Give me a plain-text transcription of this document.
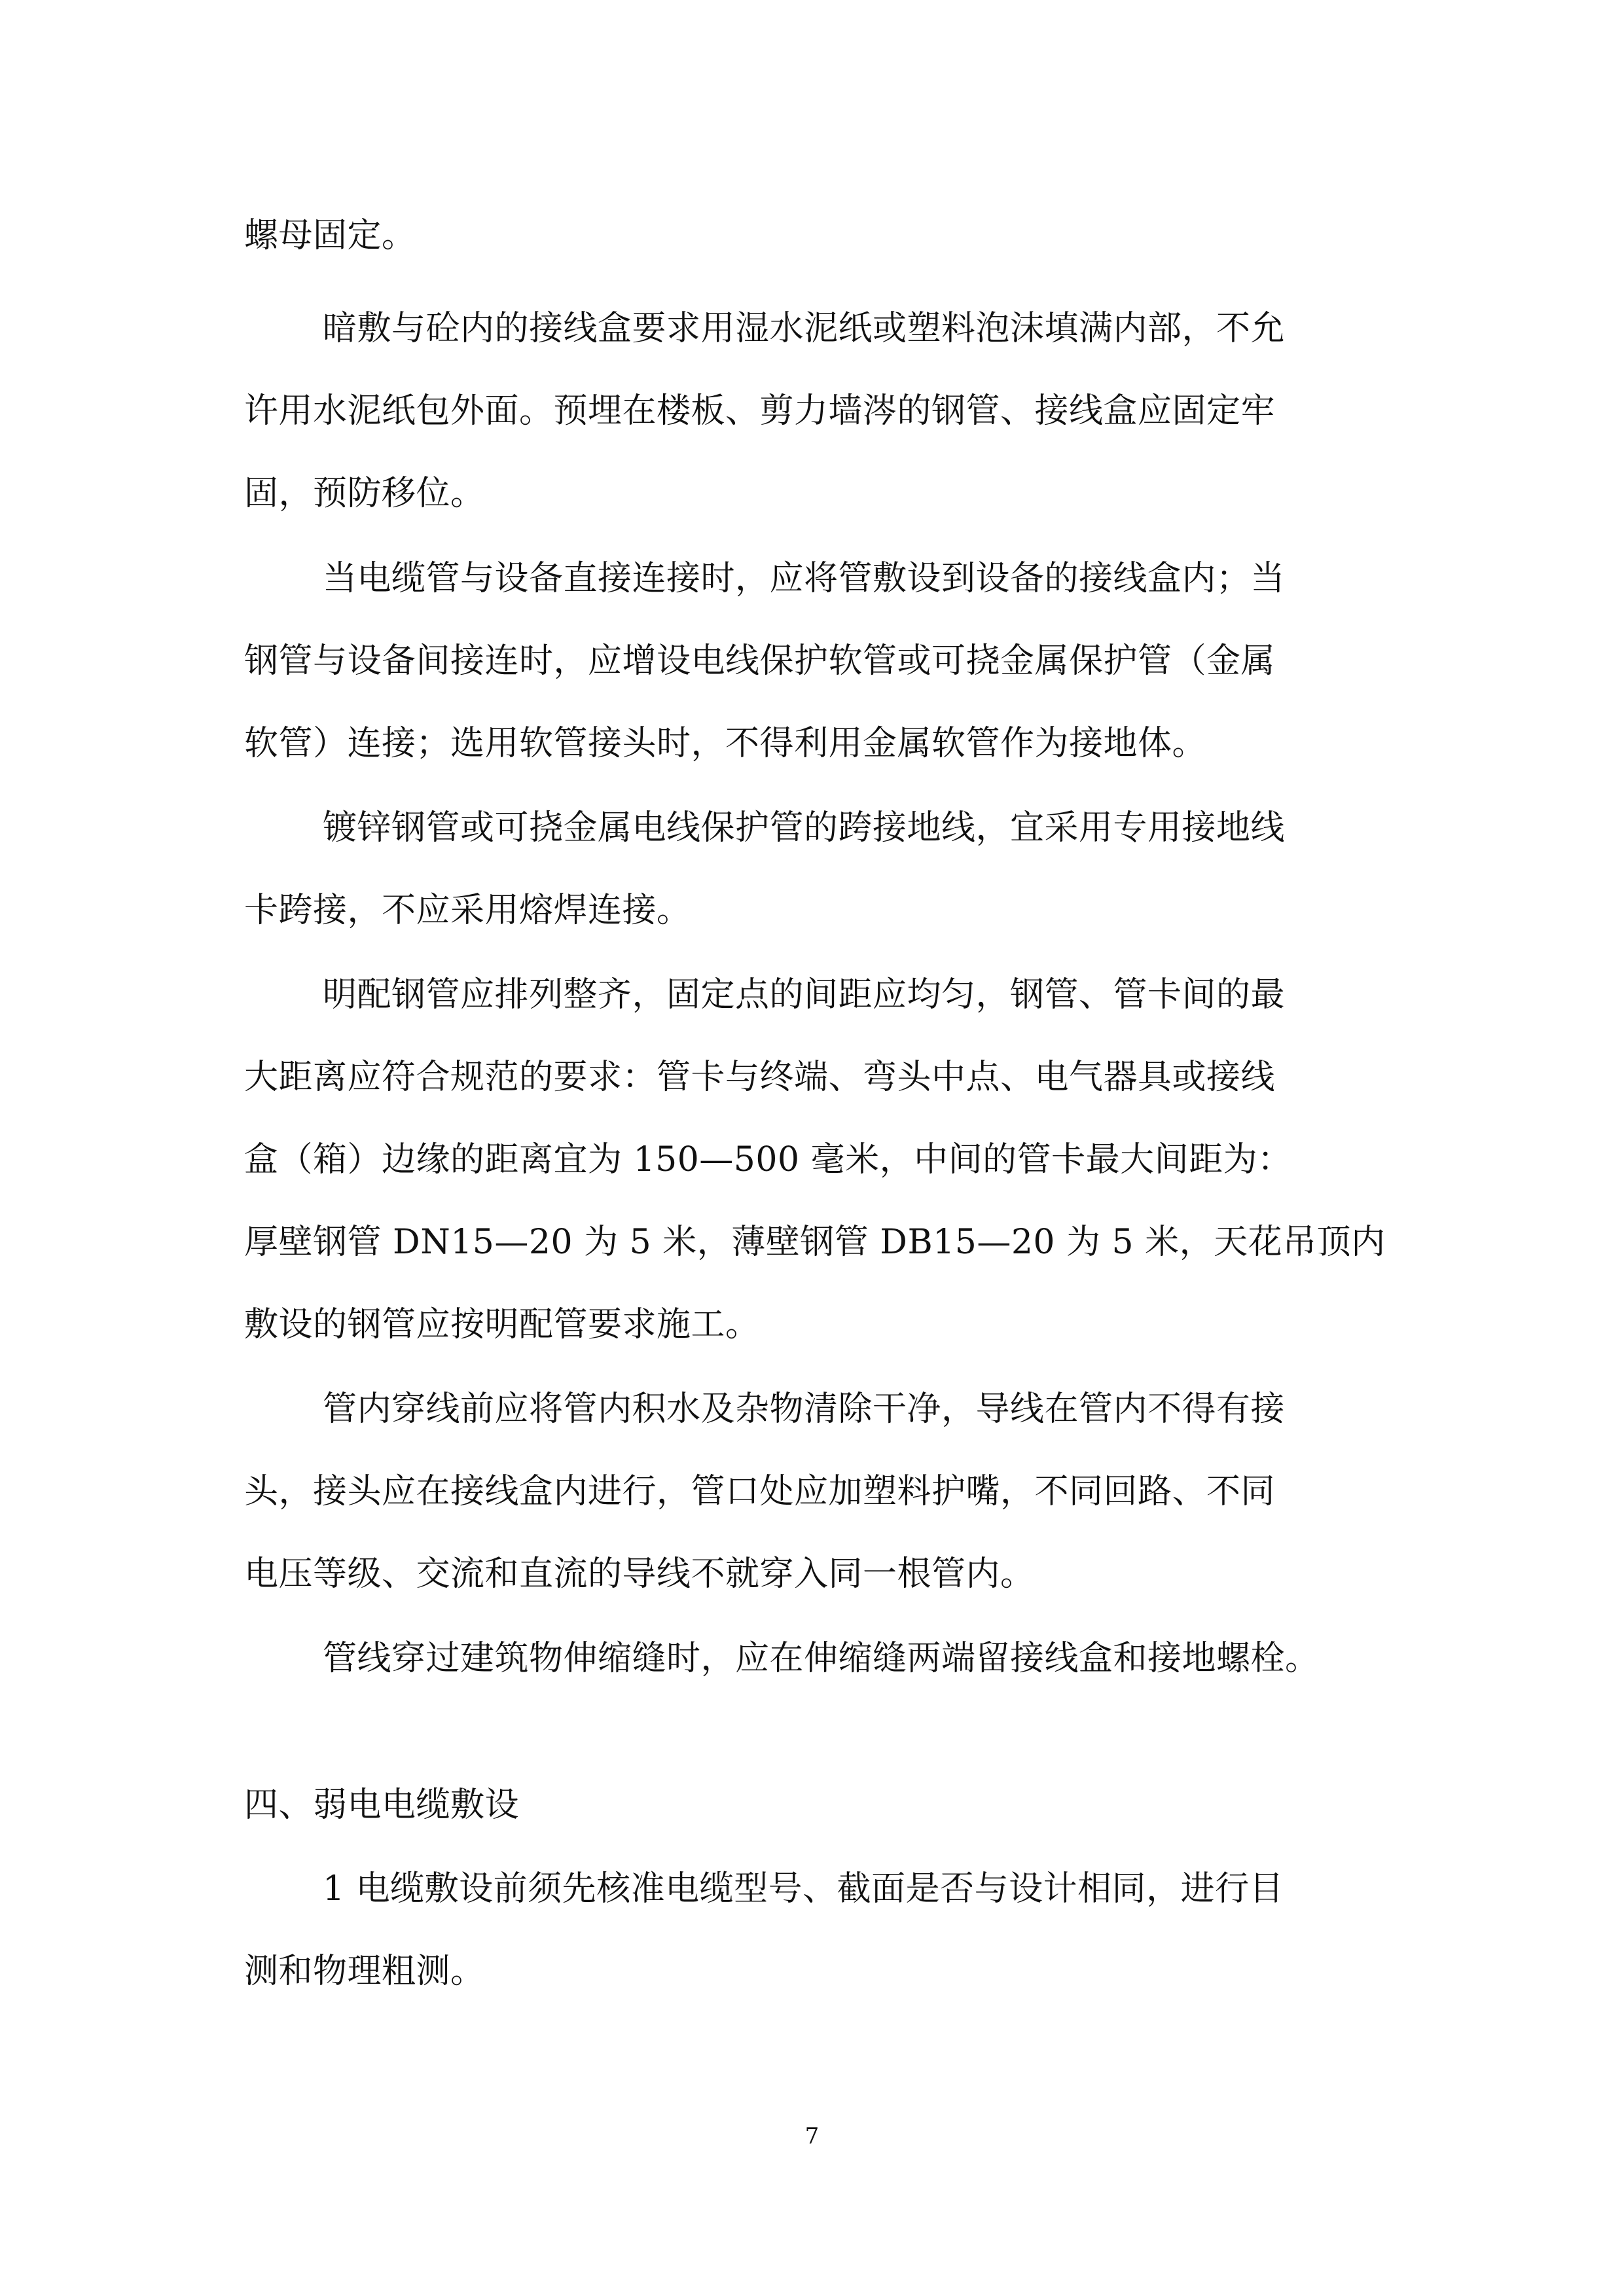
螺母固定。
暗敷与砼内的接线盒要求用湿水泥纸或塑料泡沫填满内部，不允
许用水泥纸包外面。预埋在楼板、剪力墙涔的钢管、接线盒应固定牢
固，预防移位。
当电缆管与设备直接连接时，应将管敷设到设备的接线盒内；当
钢管与设备间接连时，应增设电线保护软管或可挠金属保护管（金属
软管）连接；选用软管接头时，不得利用金属软管作为接地体。
镀锌钢管或可挠金属电线保护管的跨接地线，宜采用专用接地线
卡跨接，不应采用熔焊连接。
明配钢管应排列整齐，固定点的间距应均匀，钢管、管卡间的最
大距离应符合规范的要求：管卡与终端、弯头中点、电气器具或接线
盒（箱）边缘的距离宜为 150—500 毫米，中间的管卡最大间距为：
厚壁钢管 DN15—20 为 5 米，薄壁钢管 DB15—20 为 5 米，天花吊顶内
敷设的钢管应按明配管要求施工。
管内穿线前应将管内积水及杂物清除干净，导线在管内不得有接
头，接头应在接线盒内进行，管口处应加塑料护嘴，不同回路、不同
电压等级、交流和直流的导线不就穿入同一根管内。
管线穿过建筑物伸缩缝时，应在伸缩缝两端留接线盒和接地螺栓。
四、弱电电缆敷设
1 电缆敷设前须先核准电缆型号、截面是否与设计相同，进行目
测和物理粗测。
7
